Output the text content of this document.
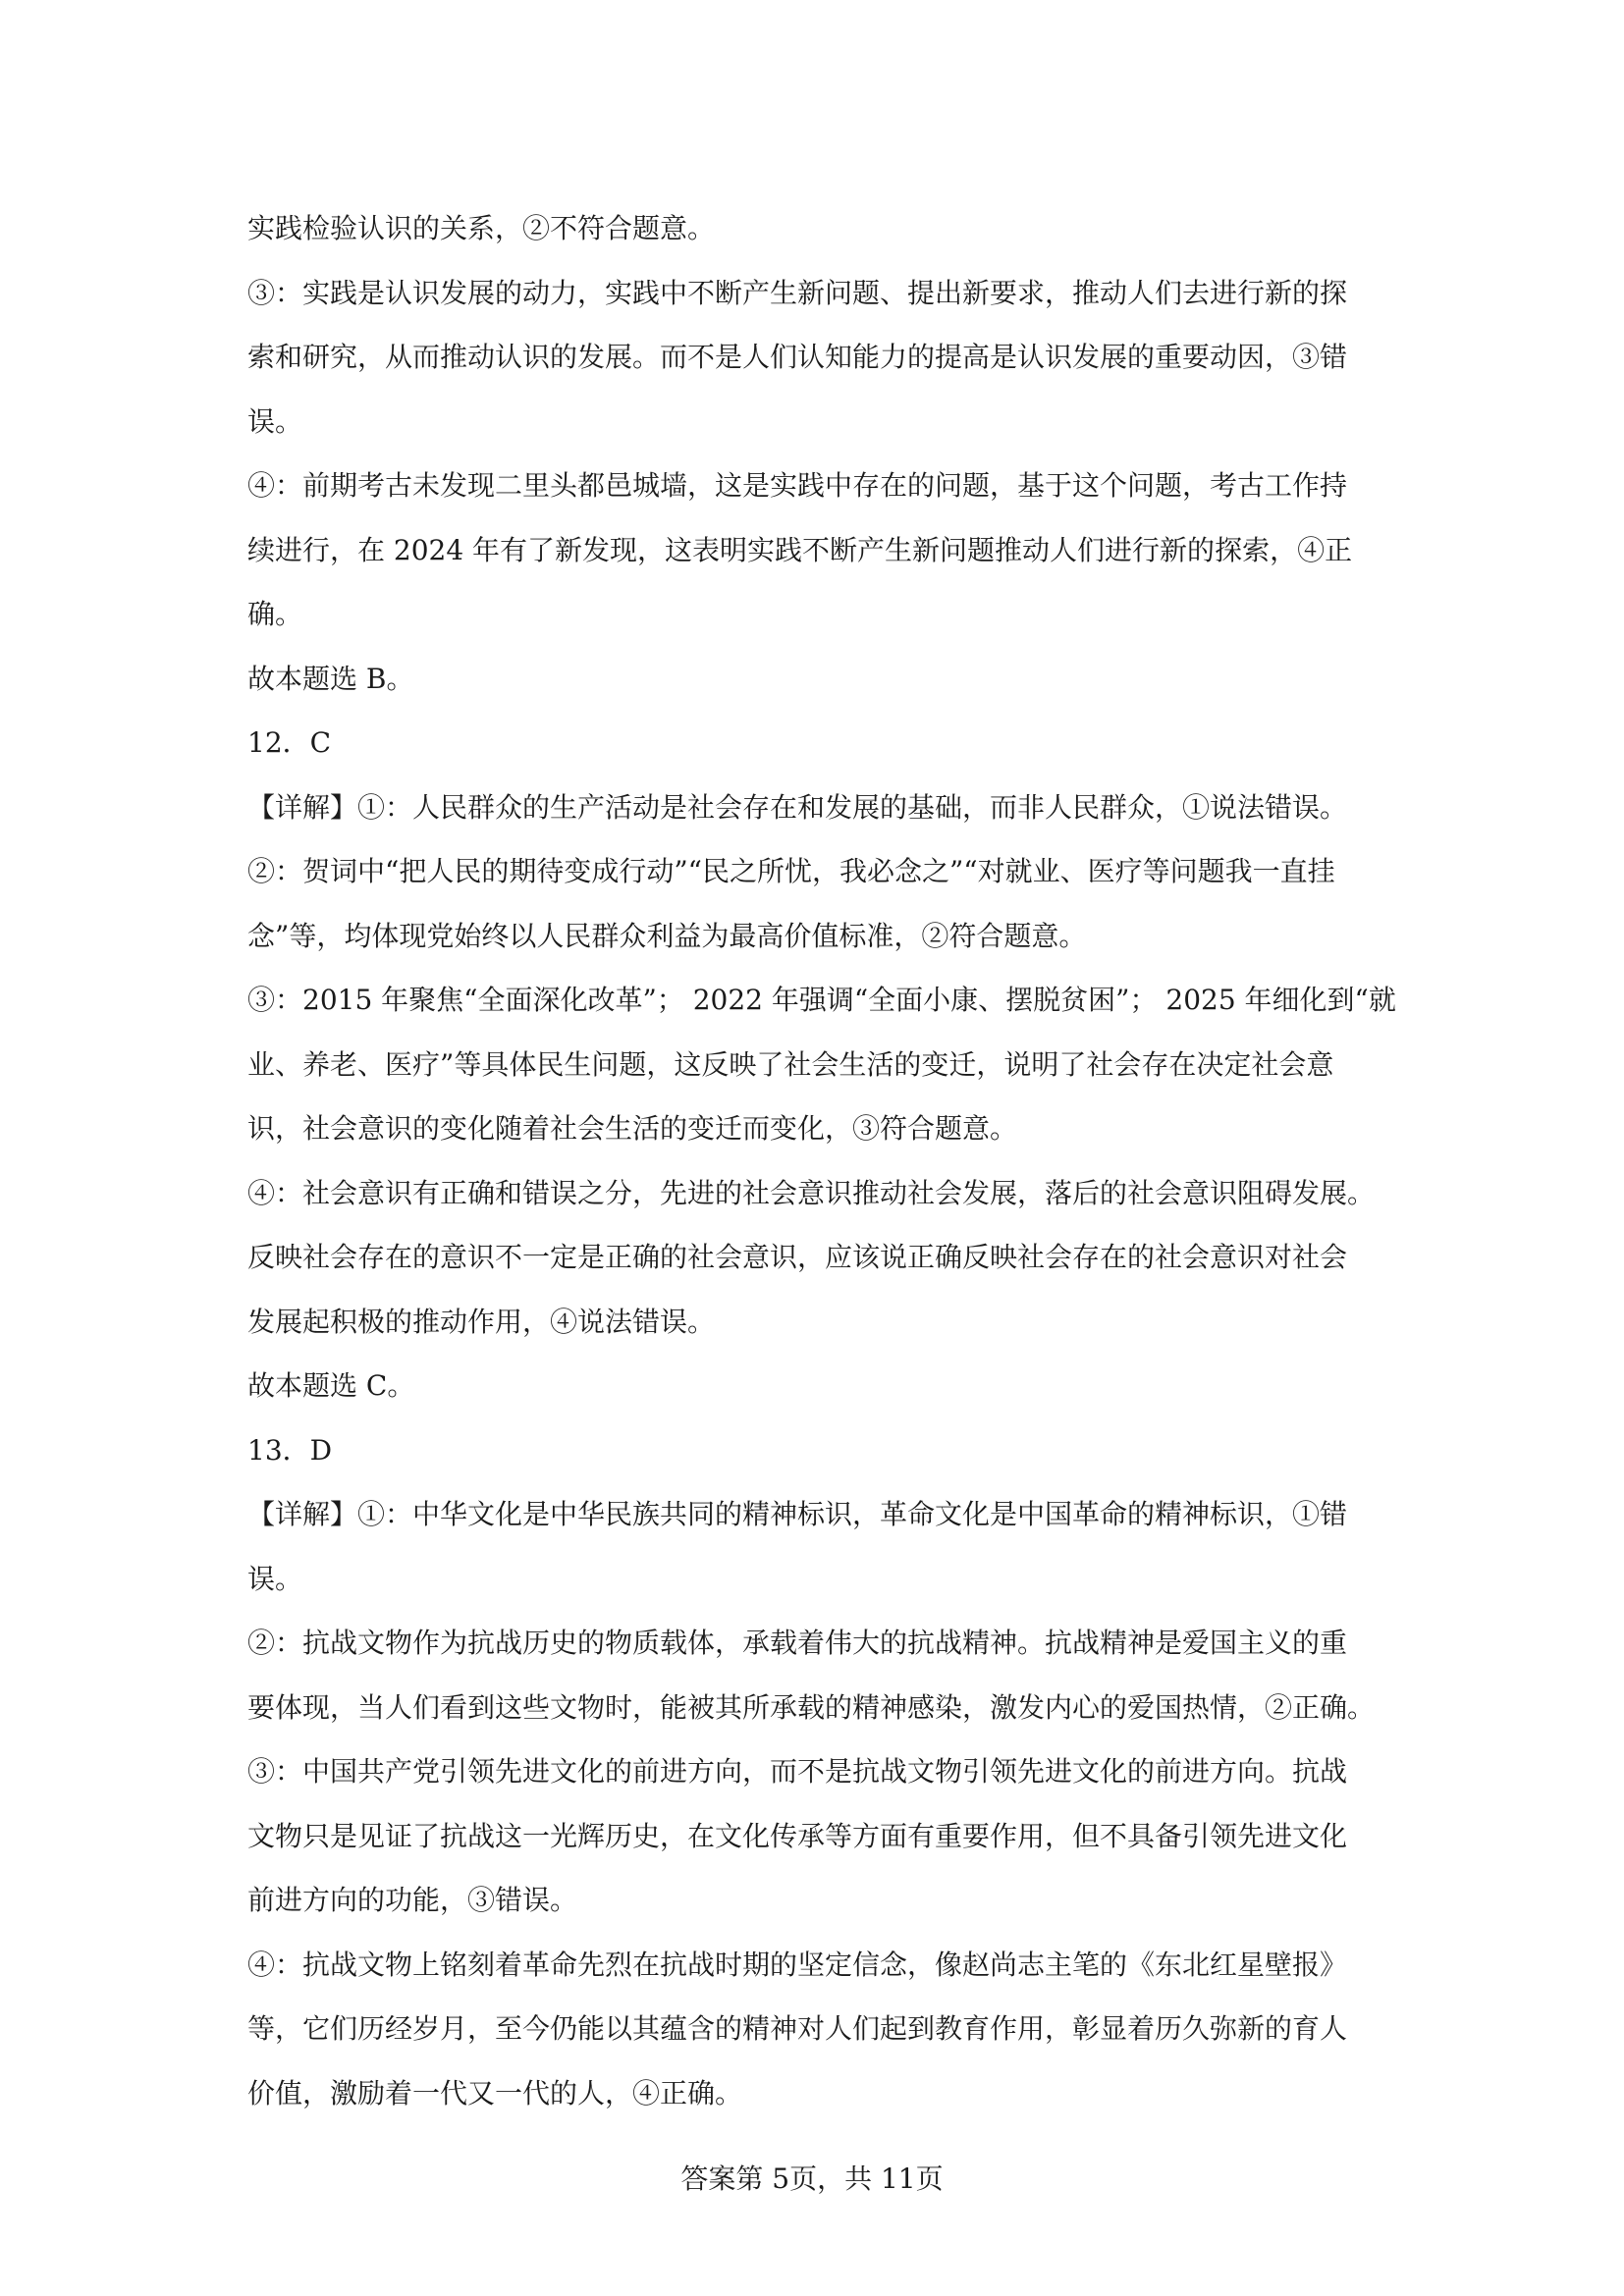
实践检验认识的关系，②不符合题意。
③：实践是认识发展的动力，实践中不断产生新问题、提出新要求，推动人们去进行新的探
索和研究，从而推动认识的发展。而不是人们认知能力的提高是认识发展的重要动因，③错
误。
④：前期考古未发现二里头都邑城墙，这是实践中存在的问题，基于这个问题，考古工作持
续进行，在 2024 年有了新发现，这表明实践不断产生新问题推动人们进行新的探索，④正
确。
故本题选 B。
12．C
【详解】①：人民群众的生产活动是社会存在和发展的基础，而非人民群众，①说法错误。
②：贺词中“把人民的期待变成行动”“民之所忧，我必念之”“对就业、医疗等问题我一直挂
念”等，均体现党始终以人民群众利益为最高价值标准，②符合题意。
③：2015 年聚焦“全面深化改革”； 2022 年强调“全面小康、摆脱贫困”； 2025 年细化到“就
业、养老、医疗”等具体民生问题，这反映了社会生活的变迁，说明了社会存在决定社会意
识，社会意识的变化随着社会生活的变迁而变化，③符合题意。
④：社会意识有正确和错误之分，先进的社会意识推动社会发展，落后的社会意识阻碍发展。
反映社会存在的意识不一定是正确的社会意识，应该说正确反映社会存在的社会意识对社会
发展起积极的推动作用，④说法错误。
故本题选 C。
13．D
【详解】①：中华文化是中华民族共同的精神标识，革命文化是中国革命的精神标识，①错
误。
②：抗战文物作为抗战历史的物质载体，承载着伟大的抗战精神。抗战精神是爱国主义的重
要体现，当人们看到这些文物时，能被其所承载的精神感染，激发内心的爱国热情，②正确。
③：中国共产党引领先进文化的前进方向，而不是抗战文物引领先进文化的前进方向。抗战
文物只是见证了抗战这一光辉历史，在文化传承等方面有重要作用，但不具备引领先进文化
前进方向的功能，③错误。
④：抗战文物上铭刻着革命先烈在抗战时期的坚定信念，像赵尚志主笔的《东北红星壁报》
等，它们历经岁月，至今仍能以其蕴含的精神对人们起到教育作用，彰显着历久弥新的育人
价值，激励着一代又一代的人，④正确。
答案第 5页，共 11页
